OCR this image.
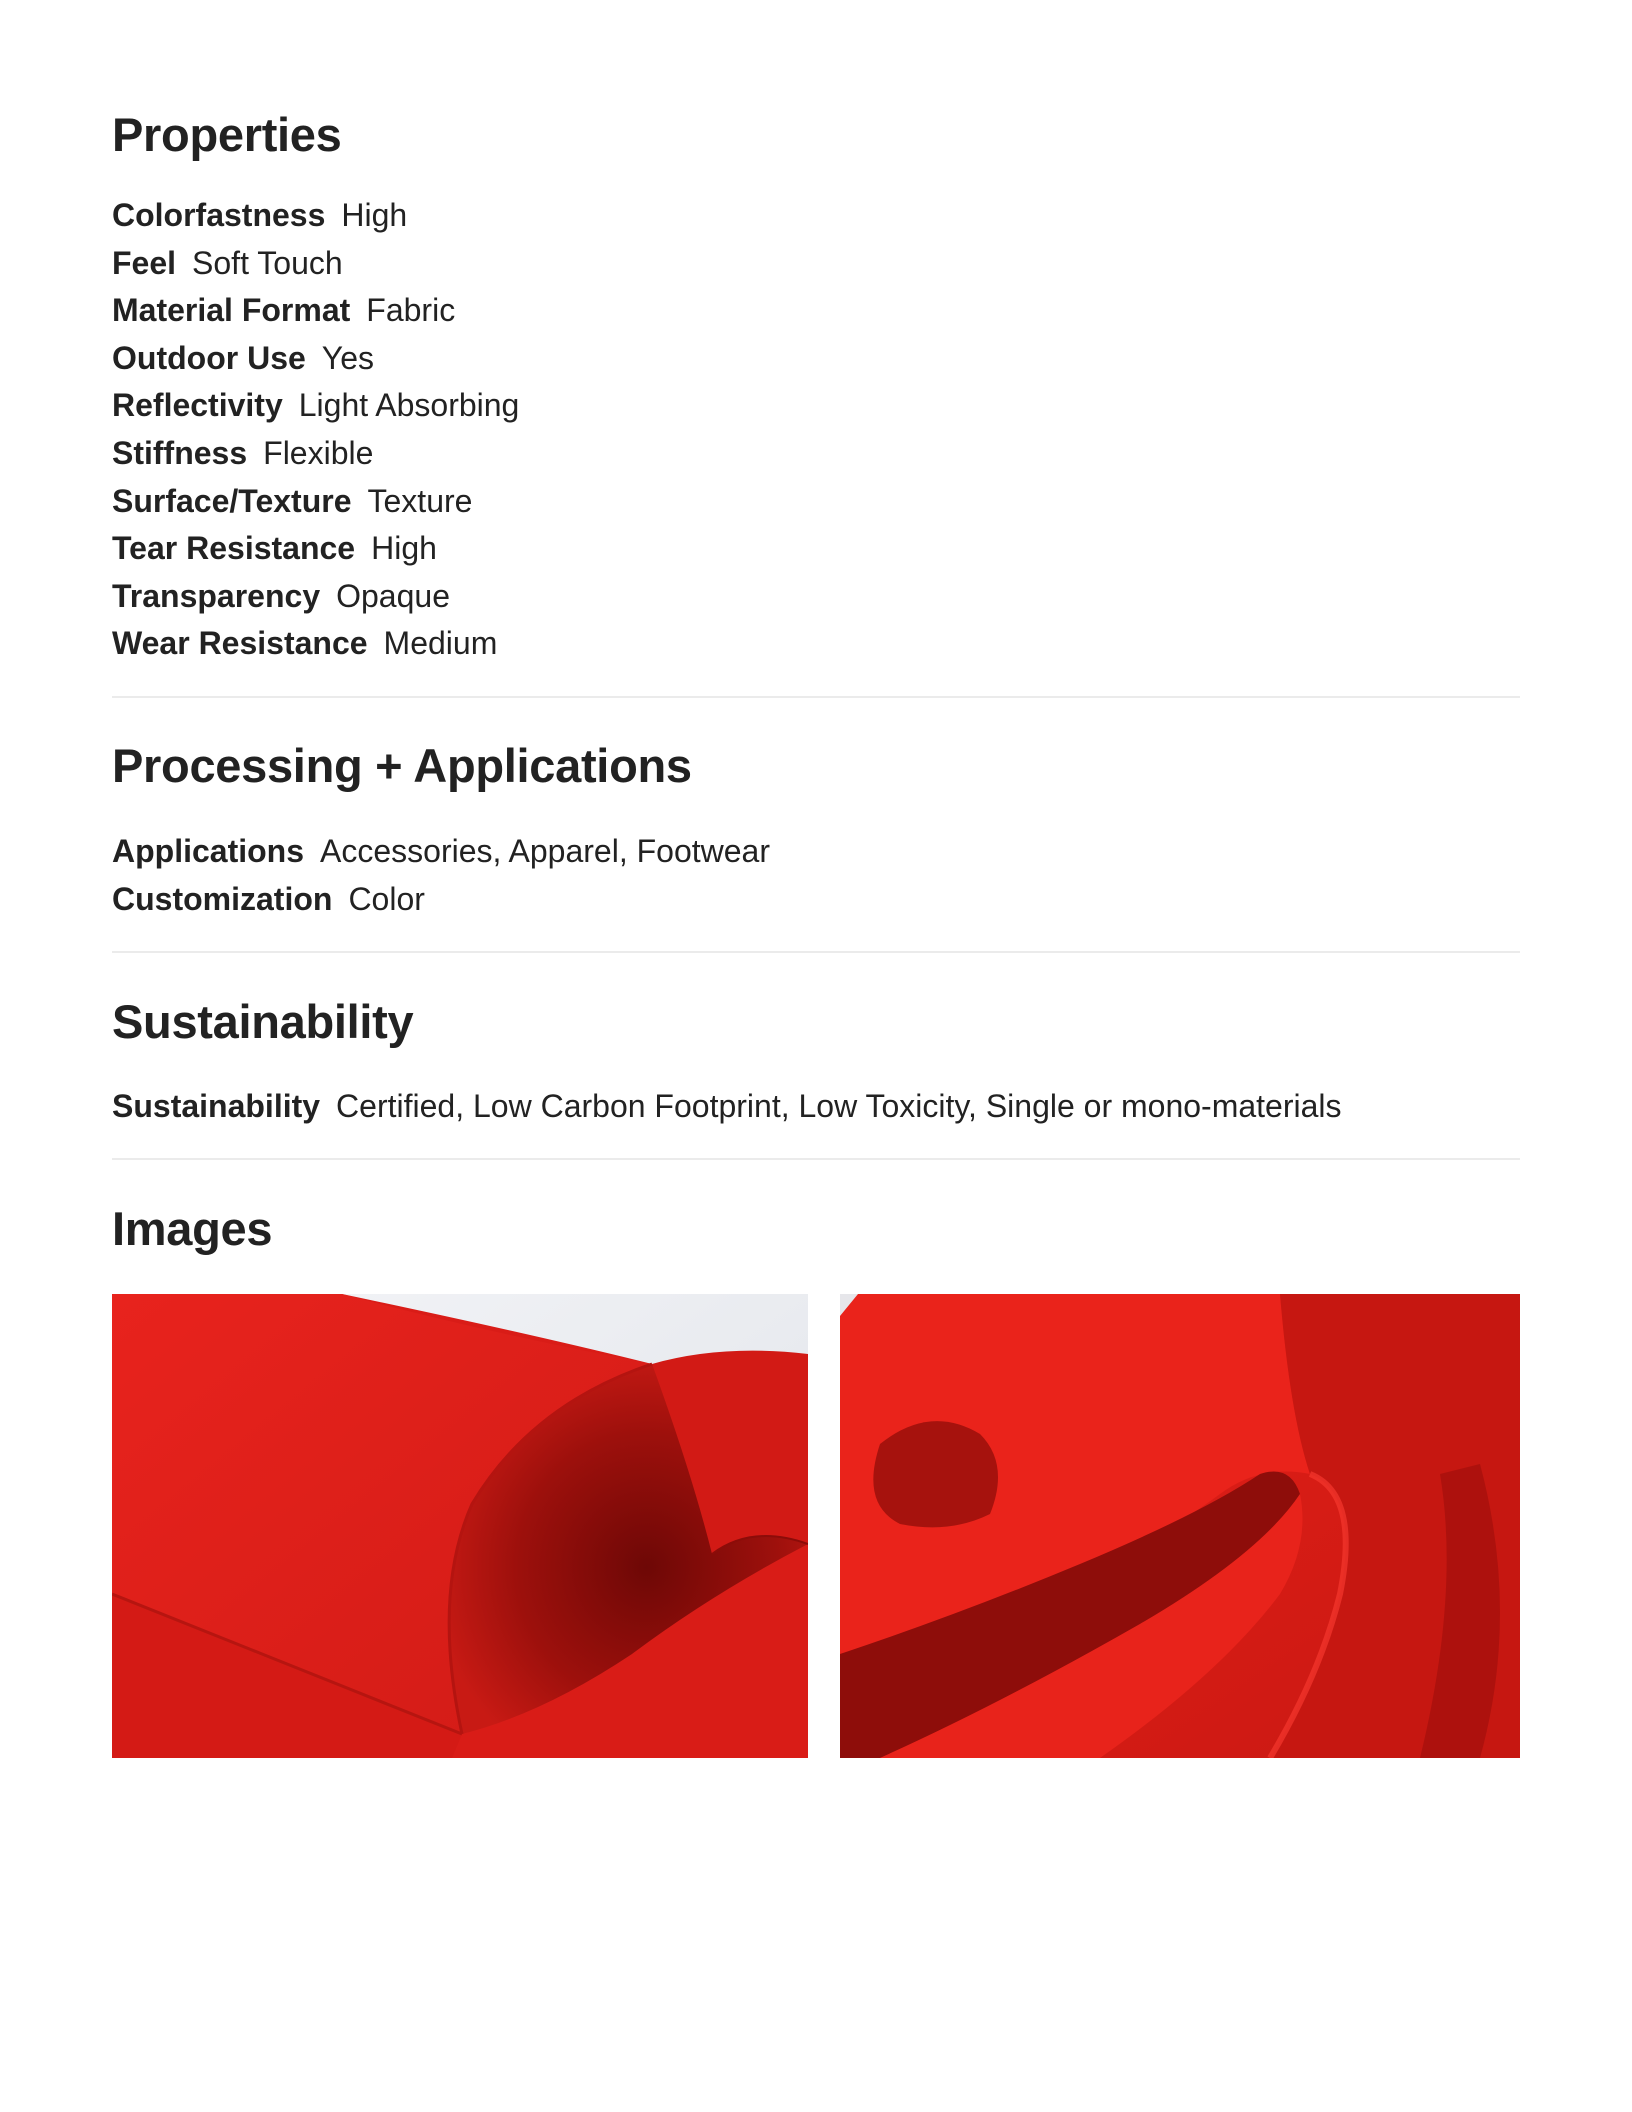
Properties
Colorfastness High
Feel Soft Touch
Material Format Fabric
Outdoor Use Yes
Reflectivity Light Absorbing
Stiffness Flexible
Surface/Texture Texture
Tear Resistance High
Transparency Opaque
Wear Resistance Medium
Processing + Applications
Applications Accessories, Apparel, Footwear
Customization Color
Sustainability
Sustainability Certified, Low Carbon Footprint, Low Toxicity, Single or mono-materials
Images
